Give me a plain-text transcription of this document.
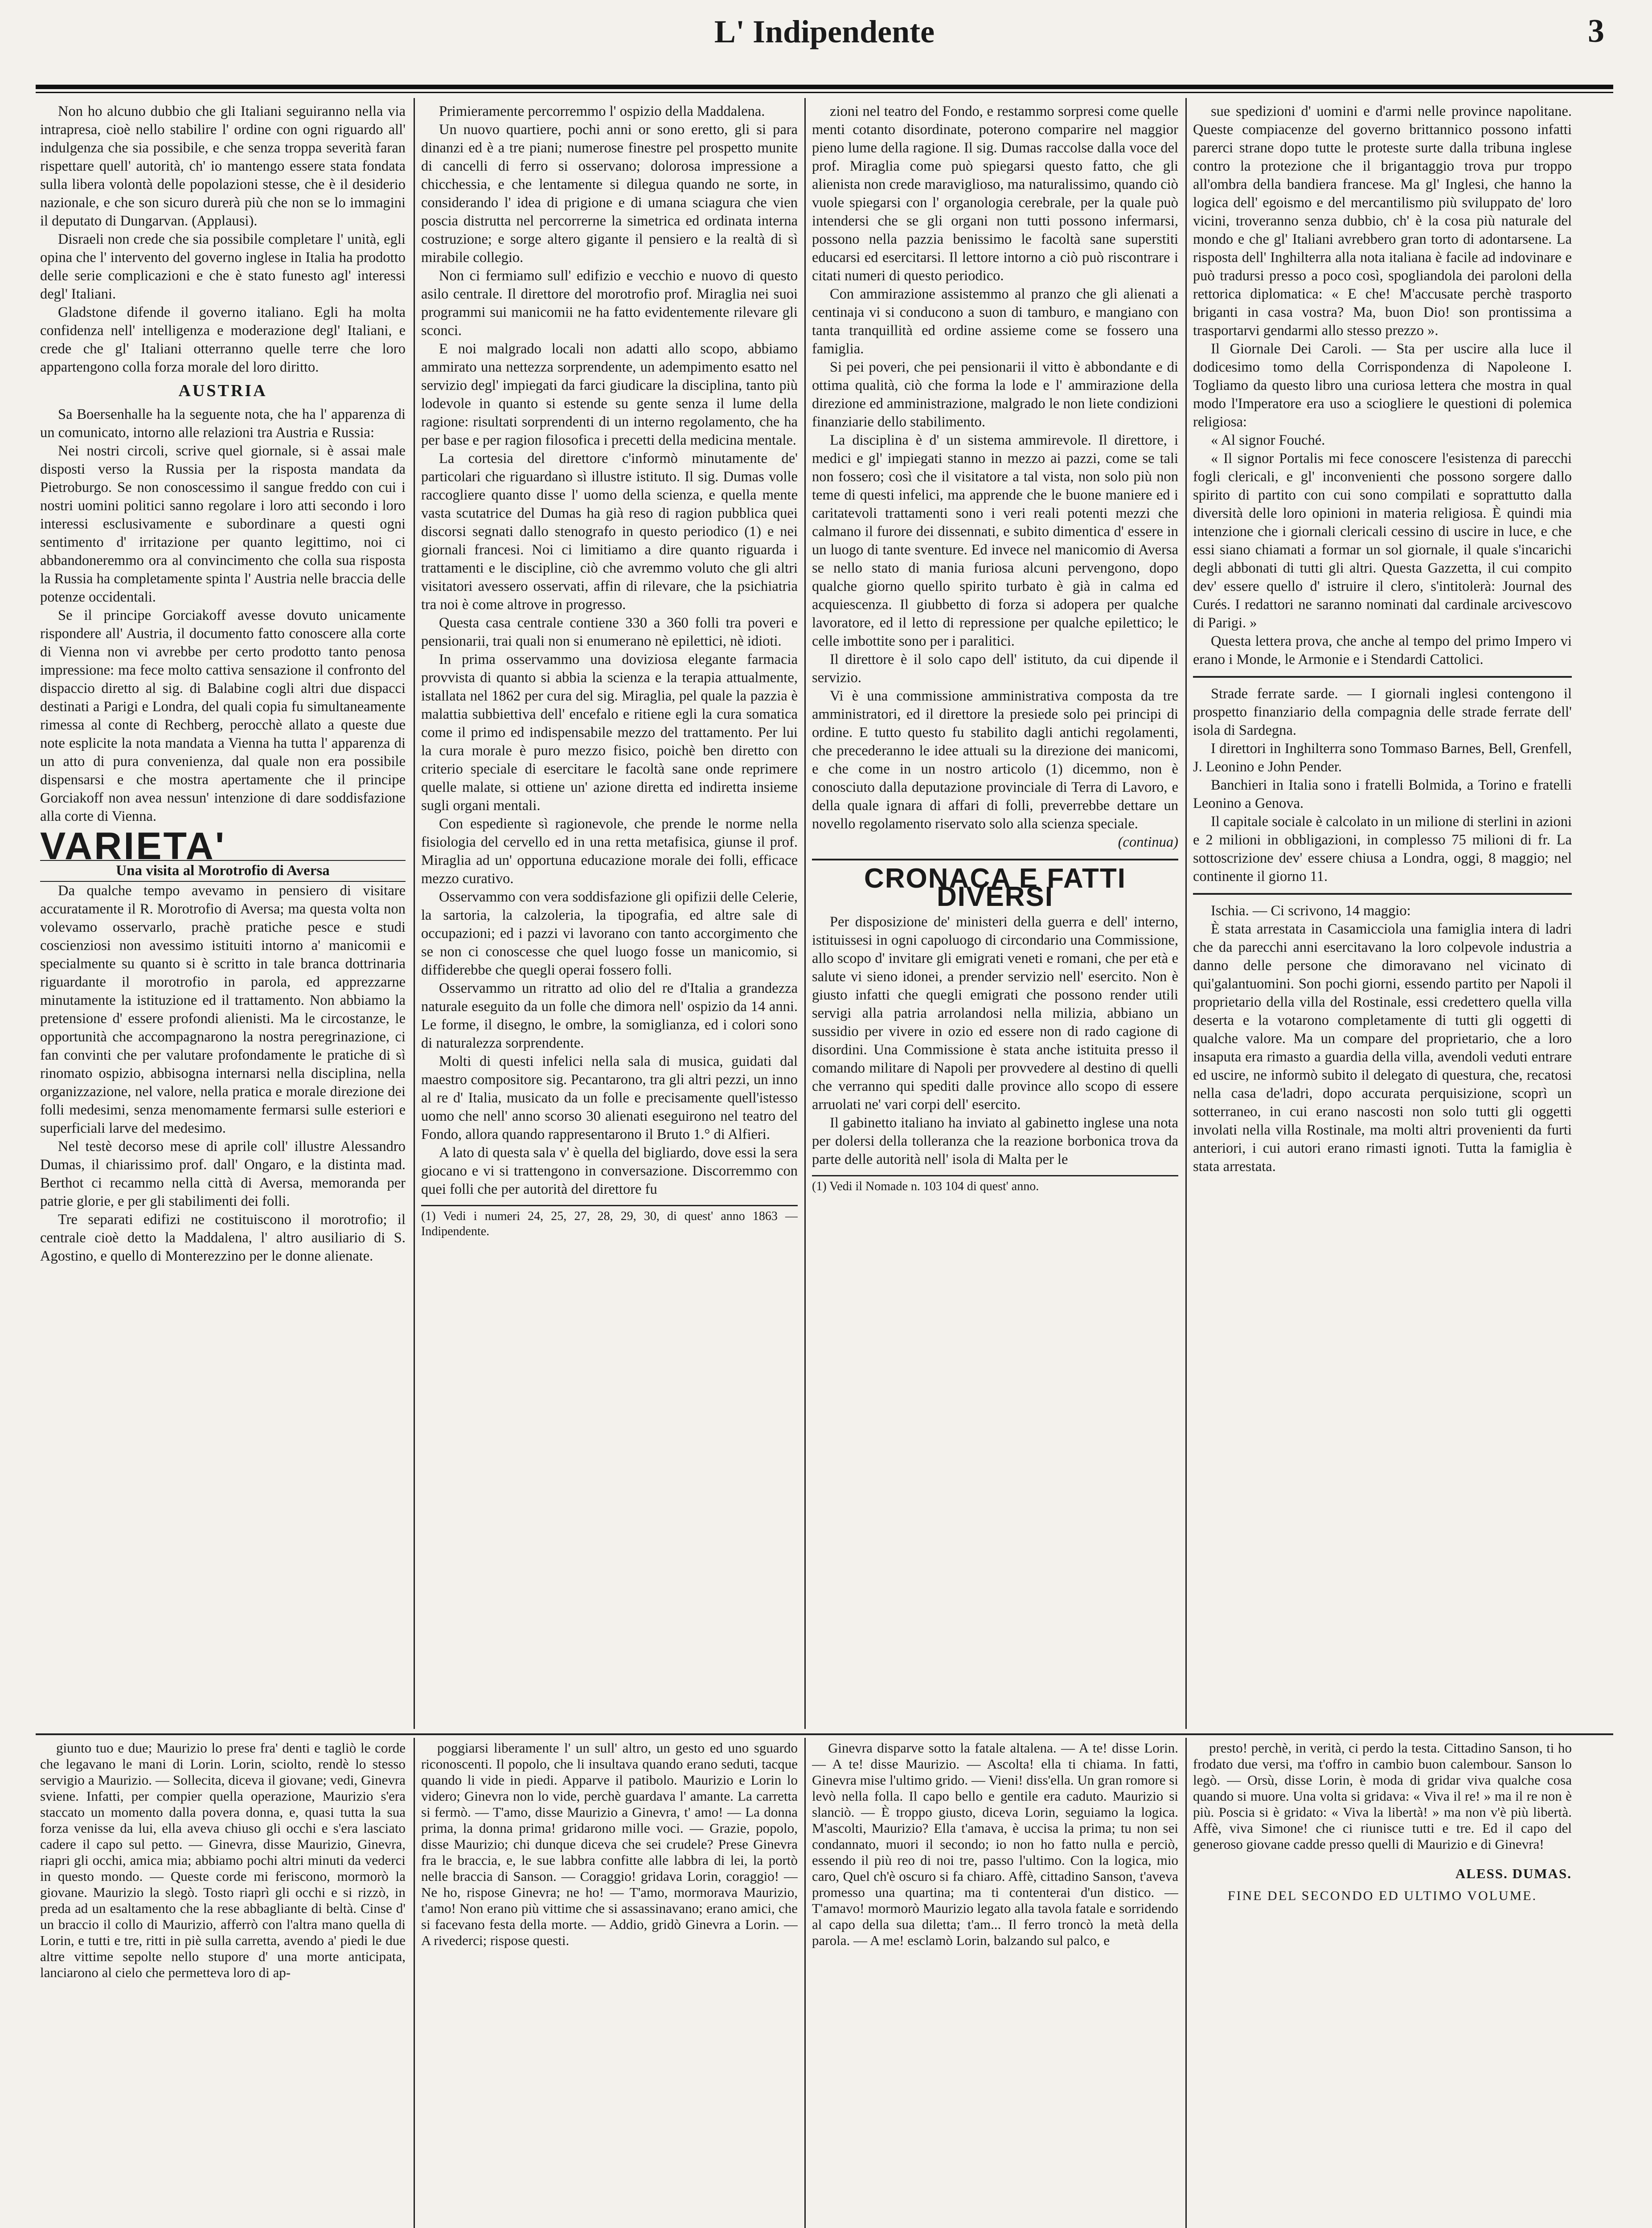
L' Indipendente	3

Non ho alcuno dubbio che gli Italiani seguiranno nella via intrapresa, cioè nello stabilire l' ordine con ogni riguardo all' indulgenza che sia possibile, e che senza troppa severità faran rispettare quell' autorità, ch' io mantengo essere stata fondata sulla libera volontà delle popolazioni stesse, che è il desiderio nazionale, e che son sicuro durerà più che non se lo immagini il deputato di Dungarvan. (Applausi).

Disraeli non crede che sia possibile completare l' unità, egli opina che l' intervento del governo inglese in Italia ha prodotto delle serie complicazioni e che è stato funesto agl' interessi degl' Italiani.

Gladstone difende il governo italiano. Egli ha molta confidenza nell' intelligenza e moderazione degl' Italiani, e crede che gl' Italiani otterranno quelle terre che loro appartengono colla forza morale del loro diritto.

AUSTRIA

Sa Boersenhalle ha la seguente nota, che ha l' apparenza di un comunicato, intorno alle relazioni tra Austria e Russia:

Nei nostri circoli, scrive quel giornale, si è assai male disposti verso la Russia per la risposta mandata da Pietroburgo. Se non conoscessimo il sangue freddo con cui i nostri uomini politici sanno regolare i loro atti secondo i loro interessi esclusivamente e subordinare a questi ogni sentimento d' irritazione per quanto legittimo, noi ci abbandoneremmo ora al convincimento che colla sua risposta la Russia ha completamente spinta l' Austria nelle braccia delle potenze occidentali.

Se il principe Gorciakoff avesse dovuto unicamente rispondere all' Austria, il documento fatto conoscere alla corte di Vienna non vi avrebbe per certo prodotto tanto penosa impressione: ma fece molto cattiva sensazione il confronto del dispaccio diretto al sig. di Balabine cogli altri due dispacci destinati a Parigi e Londra, del quali copia fu simultaneamente rimessa al conte di Rechberg, perocchè allato a queste due note esplicite la nota mandata a Vienna ha tutta l' apparenza di un atto di pura convenienza, dal quale non era possibile dispensarsi e che mostra apertamente che il principe Gorciakoff non avea nessun' intenzione di dare soddisfazione alla corte di Vienna.

VARIETA'
Una visita al Morotrofio di Aversa

Da qualche tempo avevamo in pensiero di visitare accuratamente il R. Morotrofio di Aversa; ma questa volta non volevamo osservarlo, prachè pratiche pesce e studi coscienziosi non avessimo istituiti intorno a' manicomii e specialmente su quanto si è scritto in tale branca dottrinaria riguardante il morotrofio in parola, ed apprezzarne minutamente la istituzione ed il trattamento. Non abbiamo la pretensione d' essere profondi alienisti. Ma le circostanze, le opportunità che accompagnarono la nostra peregrinazione, ci fan convinti che per valutare profondamente le pratiche di sì rinomato ospizio, abbisogna internarsi nella disciplina, nella organizzazione, nel valore, nella pratica e morale direzione dei folli medesimi, senza menomamente fermarsi sulle esteriori e superficiali larve del medesimo.

Nel testè decorso mese di aprile coll' illustre Alessandro Dumas, il chiarissimo prof. dall' Ongaro, e la distinta mad. Berthot ci recammo nella città di Aversa, memoranda per patrie glorie, e per gli stabilimenti dei folli.

Tre separati edifizi ne costituiscono il morotrofio; il centrale cioè detto la Maddalena, l' altro ausiliario di S. Agostino, e quello di Monterezzino per le donne alienate.

Primieramente percorremmo l' ospizio della Maddalena.

Un nuovo quartiere, pochi anni or sono eretto, gli si para dinanzi ed è a tre piani; numerose finestre pel prospetto munite di cancelli di ferro si osservano; dolorosa impressione a chicchessia, e che lentamente si dilegua quando ne sorte, in considerando l' idea di prigione e di umana sciagura che vien poscia distrutta nel percorrerne la simetrica ed ordinata interna costruzione; e sorge altero gigante il pensiero e la realtà di sì mirabile collegio.

Non ci fermiamo sull' edifizio e vecchio e nuovo di questo asilo centrale. Il direttore del morotrofio prof. Miraglia nei suoi programmi sui manicomii ne ha fatto evidentemente rilevare gli sconci.

E noi malgrado locali non adatti allo scopo, abbiamo ammirato una nettezza sorprendente, un adempimento esatto nel servizio degl' impiegati da farci giudicare la disciplina, tanto più lodevole in quanto si estende su gente senza il lume della ragione: risultati sorprendenti di un interno regolamento, che ha per base e per ragion filosofica i precetti della medicina mentale.

La cortesia del direttore c'informò minutamente de' particolari che riguardano sì illustre istituto. Il sig. Dumas volle raccogliere quanto disse l' uomo della scienza, e quella mente vasta scutatrice del Dumas ha già reso di ragion pubblica quei discorsi segnati dallo stenografo in questo periodico (1) e nei giornali francesi. Noi ci limitiamo a dire quanto riguarda i trattamenti e le discipline, ciò che avremmo voluto che gli altri visitatori avessero osservati, affin di rilevare, che la psichiatria tra noi è come altrove in progresso.

Questa casa centrale contiene 330 a 360 folli tra poveri e pensionarii, trai quali non si enumerano nè epilettici, nè idioti.

In prima osservammo una doviziosa elegante farmacia provvista di quanto si abbia la scienza e la terapia attualmente, istallata nel 1862 per cura del sig. Miraglia, pel quale la pazzia è malattia subbiettiva dell' encefalo e ritiene egli la cura somatica come il primo ed indispensabile mezzo del trattamento. Per lui la cura morale è puro mezzo fisico, poichè ben diretto con criterio speciale di esercitare le facoltà sane onde reprimere quelle malate, si ottiene un' azione diretta ed indiretta insieme sugli organi mentali.

Con espediente sì ragionevole, che prende le norme nella fisiologia del cervello ed in una retta metafisica, giunse il prof. Miraglia ad un' opportuna educazione morale dei folli, efficace mezzo curativo.

Osservammo con vera soddisfazione gli opifizii delle Celerie, la sartoria, la calzoleria, la tipografia, ed altre sale di occupazioni; ed i pazzi vi lavorano con tanto accorgimento che se non ci conoscesse che quel luogo fosse un manicomio, si diffiderebbe che quegli operai fossero folli.

Osservammo un ritratto ad olio del re d'Italia a grandezza naturale eseguito da un folle che dimora nell' ospizio da 14 anni. Le forme, il disegno, le ombre, la somiglianza, ed i colori sono di naturalezza sorprendente.

Molti di questi infelici nella sala di musica, guidati dal maestro compositore sig. Pecantarono, tra gli altri pezzi, un inno al re d' Italia, musicato da un folle e precisamente quell'istesso uomo che nell' anno scorso 30 alienati eseguirono nel teatro del Fondo, allora quando rappresentarono il Bruto 1.° di Alfieri.

A lato di questa sala v' è quella del bigliardo, dove essi la sera giocano e vi si trattengono in conversazione. Discorremmo con quei folli che per autorità del direttore fu

(1) Vedi i numeri 24, 25, 27, 28, 29, 30, di quest' anno 1863 — Indipendente.

zioni nel teatro del Fondo, e restammo sorpresi come quelle menti cotanto disordinate, poterono comparire nel maggior pieno lume della ragione. Il sig. Dumas raccolse dalla voce del prof. Miraglia come può spiegarsi questo fatto, che gli alienista non crede maraviglioso, ma naturalissimo, quando ciò vuole spiegarsi con l' organologia cerebrale, per la quale può intendersi che se gli organi non tutti possono infermarsi, possono nella pazzia benissimo le facoltà sane superstiti educarsi ed esercitarsi. Il lettore intorno a ciò può riscontrare i citati numeri di questo periodico.

Con ammirazione assistemmo al pranzo che gli alienati a centinaja vi si conducono a suon di tamburo, e mangiano con tanta tranquillità ed ordine assieme come se fossero una famiglia.

Si pei poveri, che pei pensionarii il vitto è abbondante e di ottima qualità, ciò che forma la lode e l' ammirazione della direzione ed amministrazione, malgrado le non liete condizioni finanziarie dello stabilimento.

La disciplina è d' un sistema ammirevole. Il direttore, i medici e gl' impiegati stanno in mezzo ai pazzi, come se tali non fossero; così che il visitatore a tal vista, non solo più non teme di questi infelici, ma apprende che le buone maniere ed i caritatevoli trattamenti sono i veri reali potenti mezzi che calmano il furore dei dissennati, e subito dimentica d' essere in un luogo di tante sventure. Ed invece nel manicomio di Aversa se nello stato di mania furiosa alcuni pervengono, dopo qualche giorno quello spirito turbato è già in calma ed acquiescenza. Il giubbetto di forza si adopera per qualche lavoratore, ed il letto di repressione per qualche epilettico; le celle imbottite sono per i paralitici.

Il direttore è il solo capo dell' istituto, da cui dipende il servizio.

Vi è una commissione amministrativa composta da tre amministratori, ed il direttore la presiede solo pei principi di ordine. E tutto questo fu stabilito dagli antichi regolamenti, che precederanno le idee attuali su la direzione dei manicomi, e che come in un nostro articolo (1) dicemmo, non è conosciuto dalla deputazione provinciale di Terra di Lavoro, e della quale ignara di affari di folli, preverrebbe dettare un novello regolamento riservato solo alla scienza speciale.

(continua)
CRONACA E FATTI DIVERSI

Per disposizione de' ministeri della guerra e dell' interno, istituissesi in ogni capoluogo di circondario una Commissione, allo scopo d' invitare gli emigrati veneti e romani, che per età e salute vi sieno idonei, a prender servizio nell' esercito. Non è giusto infatti che quegli emigrati che possono render utili servigi alla patria arrolandosi nella milizia, abbiano un sussidio per vivere in ozio ed essere non di rado cagione di disordini. Una Commissione è stata anche istituita presso il comando militare di Napoli per provvedere al destino di quelli che verranno qui spediti dalle province allo scopo di essere arruolati ne' vari corpi dell' esercito.

Il gabinetto italiano ha inviato al gabinetto inglese una nota per dolersi della tolleranza che la reazione borbonica trova da parte delle autorità nell' isola di Malta per le

(1) Vedi il Nomade n. 103 104 di quest' anno.

sue spedizioni d' uomini e d'armi nelle province napolitane. Queste compiacenze del governo brittannico possono infatti parerci strane dopo tutte le proteste surte dalla tribuna inglese contro la protezione che il brigantaggio trova pur troppo all'ombra della bandiera francese. Ma gl' Inglesi, che hanno la logica dell' egoismo e del mercantilismo più sviluppato de' loro vicini, troveranno senza dubbio, ch' è la cosa più naturale del mondo e che gl' Italiani avrebbero gran torto di adontarsene. La risposta dell' Inghilterra alla nota italiana è facile ad indovinare e può tradursi presso a poco così, spogliandola dei paroloni della rettorica diplomatica: « E che! M'accusate perchè trasporto briganti in casa vostra? Ma, buon Dio! son prontissima a trasportarvi gendarmi allo stesso prezzo ».

Il Giornale Dei Caroli. — Sta per uscire alla luce il dodicesimo tomo della Corrispondenza di Napoleone I. Togliamo da questo libro una curiosa lettera che mostra in qual modo l'Imperatore era uso a sciogliere le questioni di polemica religiosa:

« Al signor Fouché.

« Il signor Portalis mi fece conoscere l'esistenza di parecchi fogli clericali, e gl' inconvenienti che possono sorgere dallo spirito di partito con cui sono compilati e soprattutto dalla diversità delle loro opinioni in materia religiosa. È quindi mia intenzione che i giornali clericali cessino di uscire in luce, e che essi siano chiamati a formar un sol giornale, il quale s'incarichi degli abbonati di tutti gli altri. Questa Gazzetta, il cui compito dev' essere quello d' istruire il clero, s'intitolerà: Journal des Curés. I redattori ne saranno nominati dal cardinale arcivescovo di Parigi. »

Questa lettera prova, che anche al tempo del primo Impero vi erano i Monde, le Armonie e i Stendardi Cattolici.

Strade ferrate sarde. — I giornali inglesi contengono il prospetto finanziario della compagnia delle strade ferrate dell' isola di Sardegna.

I direttori in Inghilterra sono Tommaso Barnes, Bell, Grenfell, J. Leonino e John Pender.

Banchieri in Italia sono i fratelli Bolmida, a Torino e fratelli Leonino a Genova.

Il capitale sociale è calcolato in un milione di sterlini in azioni e 2 milioni in obbligazioni, in complesso 75 milioni di fr. La sottoscrizione dev' essere chiusa a Londra, oggi, 8 maggio; nel continente il giorno 11.

Ischia. — Ci scrivono, 14 maggio:

È stata arrestata in Casamicciola una famiglia intera di ladri che da parecchi anni esercitavano la loro colpevole industria a danno delle persone che dimoravano nel vicinato di qui'galantuomini. Son pochi giorni, essendo partito per Napoli il proprietario della villa del Rostinale, essi credettero quella villa deserta e la votarono completamente di tutti gli oggetti di qualche valore. Ma un compare del proprietario, che a loro insaputa era rimasto a guardia della villa, avendoli veduti entrare ed uscire, ne informò subito il delegato di questura, che, recatosi nella casa de'ladri, dopo accurata perquisizione, scoprì un sotterraneo, in cui erano nascosti non solo tutti gli oggetti involati nella villa Rostinale, ma molti altri provenienti da furti anteriori, i cui autori erano rimasti ignoti. Tutta la famiglia è stata arrestata.

giunto tuo e due; Maurizio lo prese fra' denti e tagliò le corde che legavano le mani di Lorin. Lorin, sciolto, rendè lo stesso servigio a Maurizio. — Sollecita, diceva il giovane; vedi, Ginevra sviene. Infatti, per compier quella operazione, Maurizio s'era staccato un momento dalla povera donna, e, quasi tutta la sua forza venisse da lui, ella aveva chiuso gli occhi e s'era lasciato cadere il capo sul petto. — Ginevra, disse Maurizio, Ginevra, riapri gli occhi, amica mia; abbiamo pochi altri minuti da vederci in questo mondo. — Queste corde mi feriscono, mormorò la giovane. Maurizio la slegò. Tosto riaprì gli occhi e si rizzò, in preda ad un esaltamento che la rese abbagliante di beltà. Cinse d' un braccio il collo di Maurizio, afferrò con l'altra mano quella di Lorin, e tutti e tre, ritti in piè sulla carretta, avendo a' piedi le due altre vittime sepolte nello stupore d' una morte anticipata, lanciarono al cielo che permetteva loro di ap-

poggiarsi liberamente l' un sull' altro, un gesto ed uno sguardo riconoscenti. Il popolo, che li insultava quando erano seduti, tacque quando li vide in piedi. Apparve il patibolo. Maurizio e Lorin lo videro; Ginevra non lo vide, perchè guardava l' amante. La carretta si fermò. — T'amo, disse Maurizio a Ginevra, t' amo! — La donna prima, la donna prima! gridarono mille voci. — Grazie, popolo, disse Maurizio; chi dunque diceva che sei crudele? Prese Ginevra fra le braccia, e, le sue labbra confitte alle labbra di lei, la portò nelle braccia di Sanson. — Coraggio! gridava Lorin, coraggio! — Ne ho, rispose Ginevra; ne ho! — T'amo, mormorava Maurizio, t'amo! Non erano più vittime che si assassinavano; erano amici, che si facevano festa della morte. — Addio, gridò Ginevra a Lorin. — A rivederci; rispose questi.

Ginevra disparve sotto la fatale altalena. — A te! disse Lorin. — A te! disse Maurizio. — Ascolta! ella ti chiama. In fatti, Ginevra mise l'ultimo grido. — Vieni! diss'ella. Un gran romore si levò nella folla. Il capo bello e gentile era caduto. Maurizio si slanciò. — È troppo giusto, diceva Lorin, seguiamo la logica. M'ascolti, Maurizio? Ella t'amava, è uccisa la prima; tu non sei condannato, muori il secondo; io non ho fatto nulla e perciò, essendo il più reo di noi tre, passo l'ultimo. Con la logica, mio caro, Quel ch'è oscuro si fa chiaro. Affè, cittadino Sanson, t'aveva promesso una quartina; ma ti contenterai d'un distico. — T'amavo! mormorò Maurizio legato alla tavola fatale e sorridendo al capo della sua diletta; t'am... Il ferro troncò la metà della parola. — A me! esclamò Lorin, balzando sul palco, e

presto! perchè, in verità, ci perdo la testa. Cittadino Sanson, ti ho frodato due versi, ma t'offro in cambio buon calembour. Sanson lo legò. — Orsù, disse Lorin, è moda di gridar viva qualche cosa quando si muore. Una volta si gridava: « Viva il re! » ma il re non è più. Poscia si è gridato: « Viva la libertà! » ma non v'è più libertà. Affè, viva Simone! che ci riunisce tutti e tre. Ed il capo del generoso giovane cadde presso quelli di Maurizio e di Ginevra!

ALESS. DUMAS.
FINE DEL SECONDO ED ULTIMO VOLUME.
